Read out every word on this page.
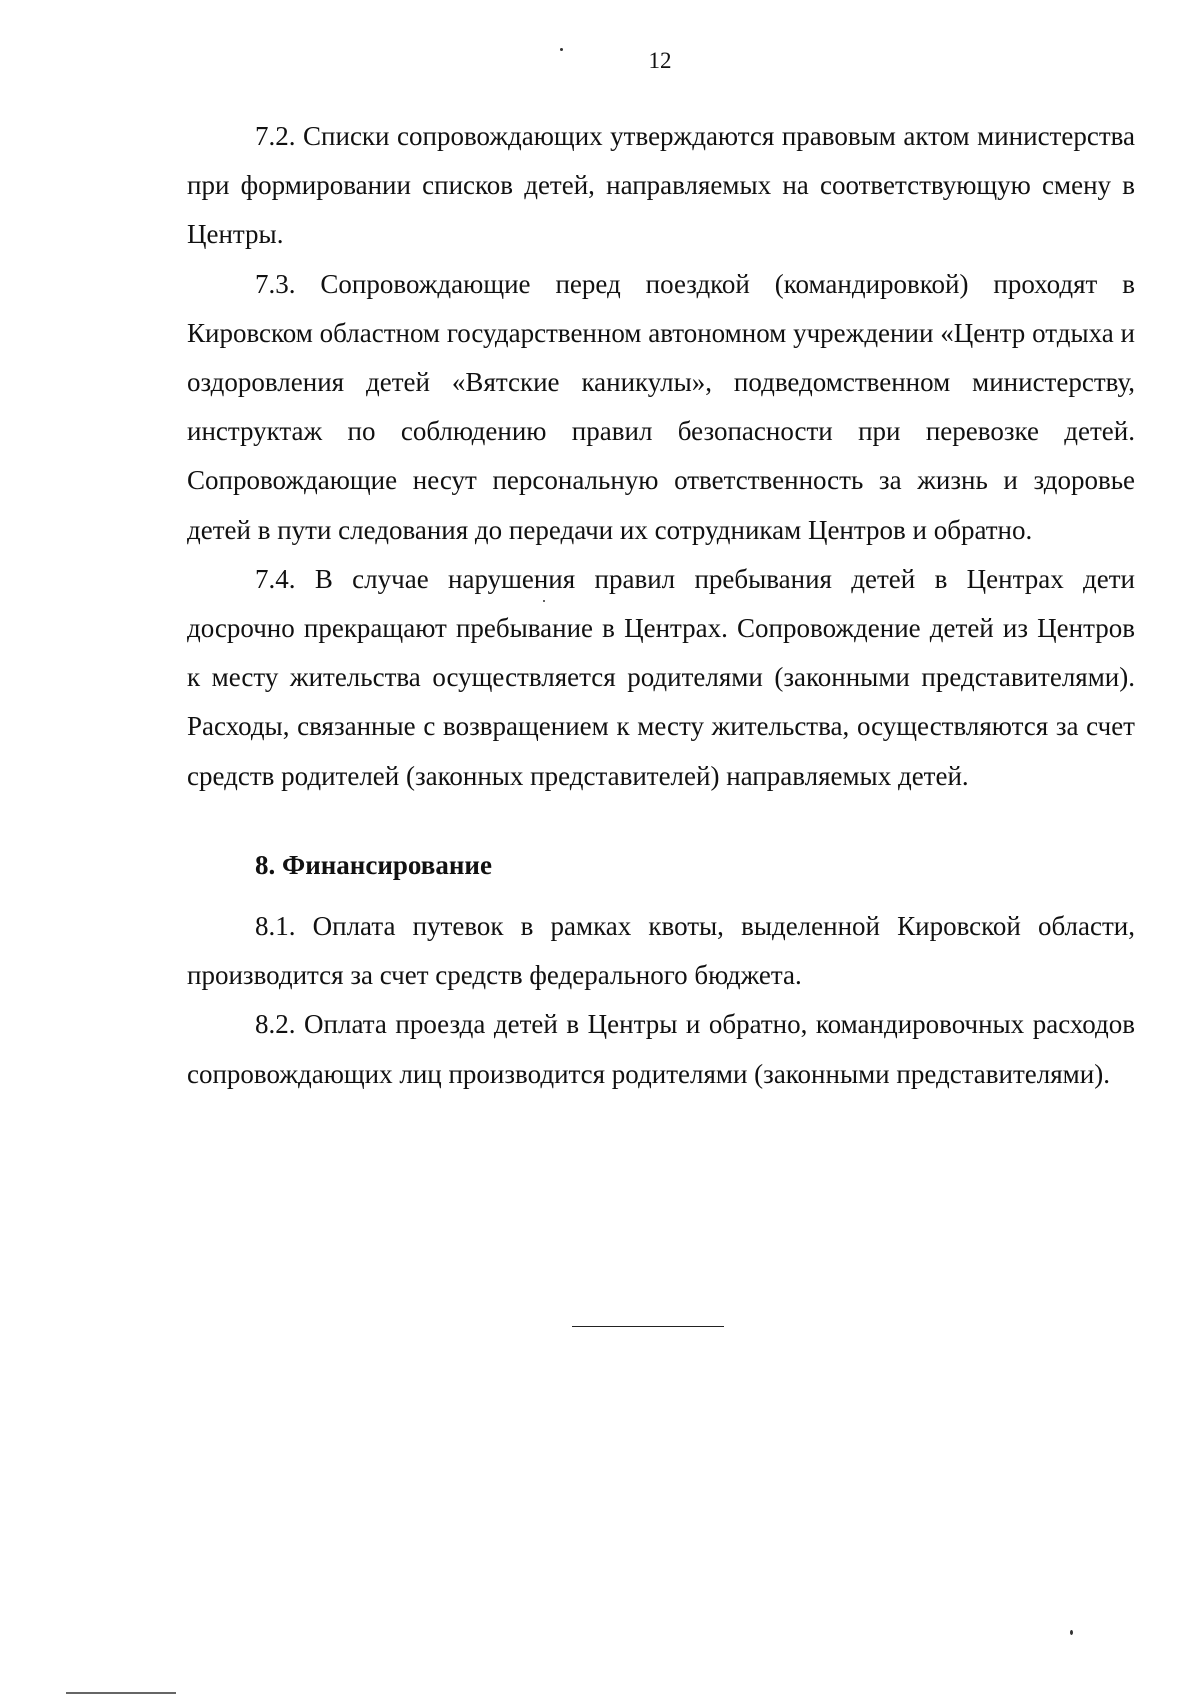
12

7.2. Списки сопровождающих утверждаются правовым актом министерства при формировании списков детей, направляемых на соответствующую смену в Центры.

7.3. Сопровождающие перед поездкой (командировкой) проходят в Кировском областном государственном автономном учреждении «Центр отдыха и оздоровления детей «Вятские каникулы», подведомственном министерству, инструктаж по соблюдению правил безопасности при перевозке детей. Сопровождающие несут персональную ответственность за жизнь и здоровье детей в пути следования до передачи их сотрудникам Центров и обратно.

7.4. В случае нарушения правил пребывания детей в Центрах дети досрочно прекращают пребывание в Центрах. Сопровождение детей из Центров к месту жительства осуществляется родителями (законными представителями). Расходы, связанные с возвращением к месту жительства, осуществляются за счет средств родителей (законных представителей) направляемых детей.

8. Финансирование

8.1. Оплата путевок в рамках квоты, выделенной Кировской области, производится за счет средств федерального бюджета.

8.2. Оплата проезда детей в Центры и обратно, командировочных расходов сопровождающих лиц производится родителями (законными представителями).
